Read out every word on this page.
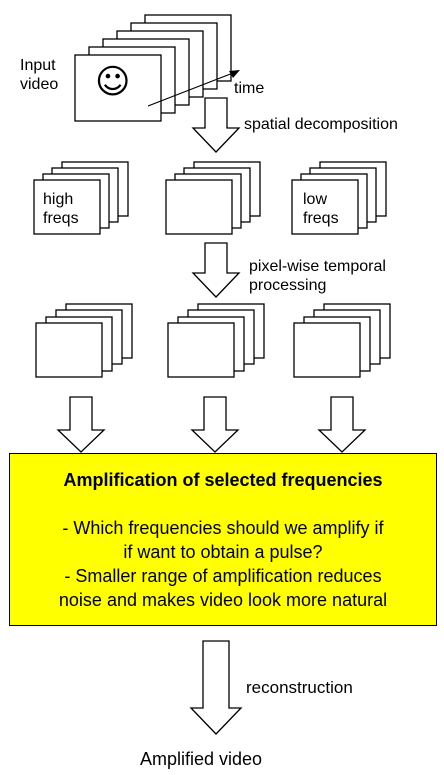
Input
video ☺	time
spatial decomposition
pixel-wise temporal
processing
high
freqs
low
freqs
Amplification of selected frequencies
- Which frequencies should we amplify if
if want to obtain a pulse?
- Smaller range of amplification reduces
noise and makes video look more natural
reconstruction
Amplified video
